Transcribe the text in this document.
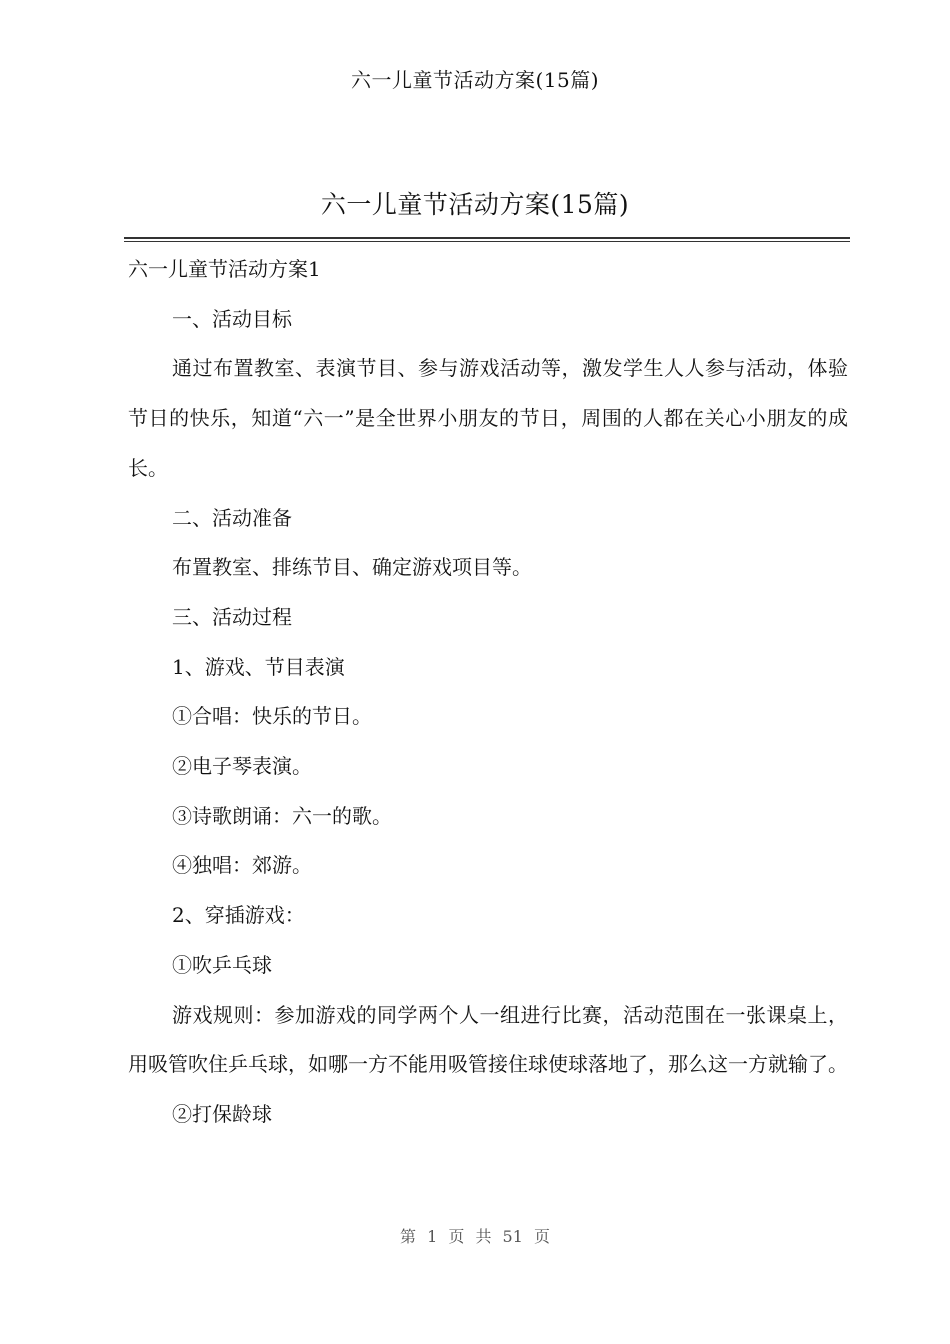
六一儿童节活动方案(15篇)
六一儿童节活动方案(15篇)

六一儿童节活动方案1

一、活动目标

通过布置教室、表演节目、参与游戏活动等，激发学生人人参与活动，体验节日的快乐，知道“六一”是全世界小朋友的节日，周围的人都在关心小朋友的成长。

二、活动准备

布置教室、排练节目、确定游戏项目等。

三、活动过程

1、游戏、节目表演

①合唱：快乐的节日。

②电子琴表演。

③诗歌朗诵：六一的歌。

④独唱：郊游。

2、穿插游戏：

①吹乒乓球

游戏规则：参加游戏的同学两个人一组进行比赛，活动范围在一张课桌上，用吸管吹住乒乓球，如哪一方不能用吸管接住球使球落地了，那么这一方就输了。

②打保龄球

第 1 页 共 51 页
